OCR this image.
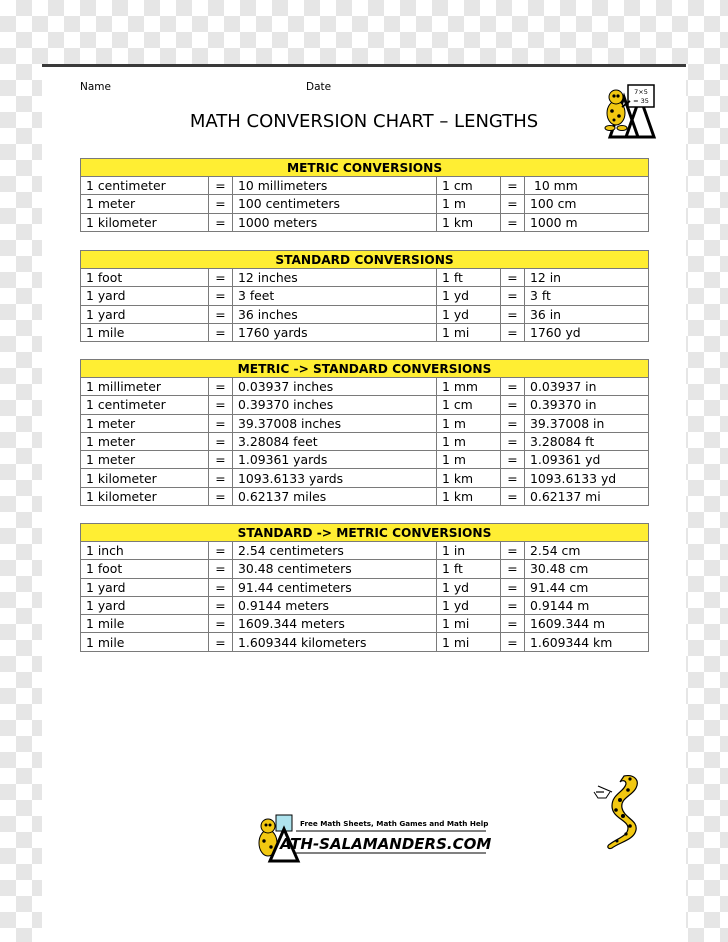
Name	Date
MATH CONVERSION CHART – LENGTHS
7×5
= 35
METRIC CONVERSIONS					
1 centimeter	=	10 millimeters	1 cm	=	10 mm
1 meter	=	100 centimeters	1 m	=	100 cm
1 kilometer	=	1000 meters	1 km	=	1000 m
STANDARD CONVERSIONS					
1 foot	=	12 inches	1 ft	=	12 in
1 yard	=	3 feet	1 yd	=	3 ft
1 yard	=	36 inches	1 yd	=	36 in
1 mile	=	1760 yards	1 mi	=	1760 yd
METRIC -> STANDARD CONVERSIONS					
1 millimeter	=	0.03937 inches	1 mm	=	0.03937 in
1 centimeter	=	0.39370 inches	1 cm	=	0.39370 in
1 meter	=	39.37008 inches	1 m	=	39.37008 in
1 meter	=	3.28084 feet	1 m	=	3.28084 ft
1 meter	=	1.09361 yards	1 m	=	1.09361 yd
1 kilometer	=	1093.6133 yards	1 km	=	1093.6133 yd
1 kilometer	=	0.62137 miles	1 km	=	0.62137 mi
STANDARD -> METRIC CONVERSIONS					
1 inch	=	2.54 centimeters	1 in	=	2.54 cm
1 foot	=	30.48 centimeters	1 ft	=	30.48 cm
1 yard	=	91.44 centimeters	1 yd	=	91.44 cm
1 yard	=	0.9144 meters	1 yd	=	0.9144 m
1 mile	=	1609.344 meters	1 mi	=	1609.344 m
1 mile	=	1.609344 kilometers	1 mi	=	1.609344 km
Free Math Sheets, Math Games and Math Help
ATH-SALAMANDERS.COM
